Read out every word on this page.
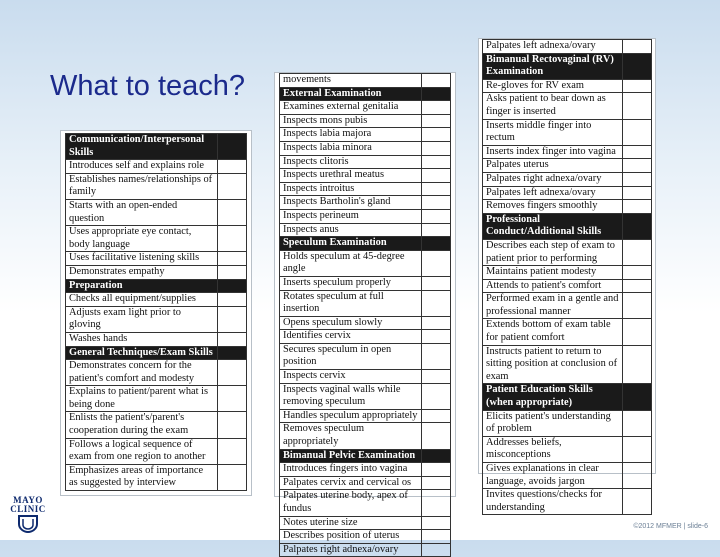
What to teach?
Communication/Interpersonal Skills	
Introduces self and explains role	
Establishes names/relationships of family	
Starts with an open-ended question	
Uses appropriate eye contact, body language	
Uses facilitative listening skills	
Demonstrates empathy	
Preparation	
Checks all equipment/supplies	
Adjusts exam light prior to gloving	
Washes hands	
General Techniques/Exam Skills	
Demonstrates concern for the patient's comfort and modesty	
Explains to patient/parent what is being done	
Enlists the patient's/parent's cooperation during the exam	
Follows a logical sequence of exam from one region to another	
Emphasizes areas of importance as suggested by interview	
movements	
External Examination	
Examines external genitalia	
Inspects mons pubis	
Inspects labia majora	
Inspects labia minora	
Inspects clitoris	
Inspects urethral meatus	
Inspects introitus	
Inspects Bartholin's gland	
Inspects perineum	
Inspects anus	
Speculum Examination	
Holds speculum at 45-degree angle	
Inserts speculum properly	
Rotates speculum at full insertion	
Opens speculum slowly	
Identifies cervix	
Secures speculum in open position	
Inspects cervix	
Inspects vaginal walls while removing speculum	
Handles speculum appropriately	
Removes speculum appropriately	
Bimanual Pelvic Examination	
Introduces fingers into vagina	
Palpates cervix and cervical os	
Palpates uterine body, apex of fundus	
Notes uterine size	
Describes position of uterus	
Palpates right adnexa/ovary	
Palpates left adnexa/ovary	
Bimanual Rectovaginal (RV) Examination	
Re-gloves for RV exam	
Asks patient to bear down as finger is inserted	
Inserts middle finger into rectum	
Inserts index finger into vagina	
Palpates uterus	
Palpates right adnexa/ovary	
Palpates left adnexa/ovary	
Removes fingers smoothly	
Professional Conduct/Additional Skills	
Describes each step of exam to patient prior to performing	
Maintains patient modesty	
Attends to patient's comfort	
Performed exam in a gentle and professional manner	
Extends bottom of exam table for patient comfort	
Instructs patient to return to sitting position at conclusion of exam	
Patient Education Skills (when appropriate)	
Elicits patient's understanding of problem	
Addresses beliefs, misconceptions	
Gives explanations in clear language, avoids jargon	
Invites questions/checks for understanding	
MAYO
CLINIC
©2012 MFMER | slide-6
